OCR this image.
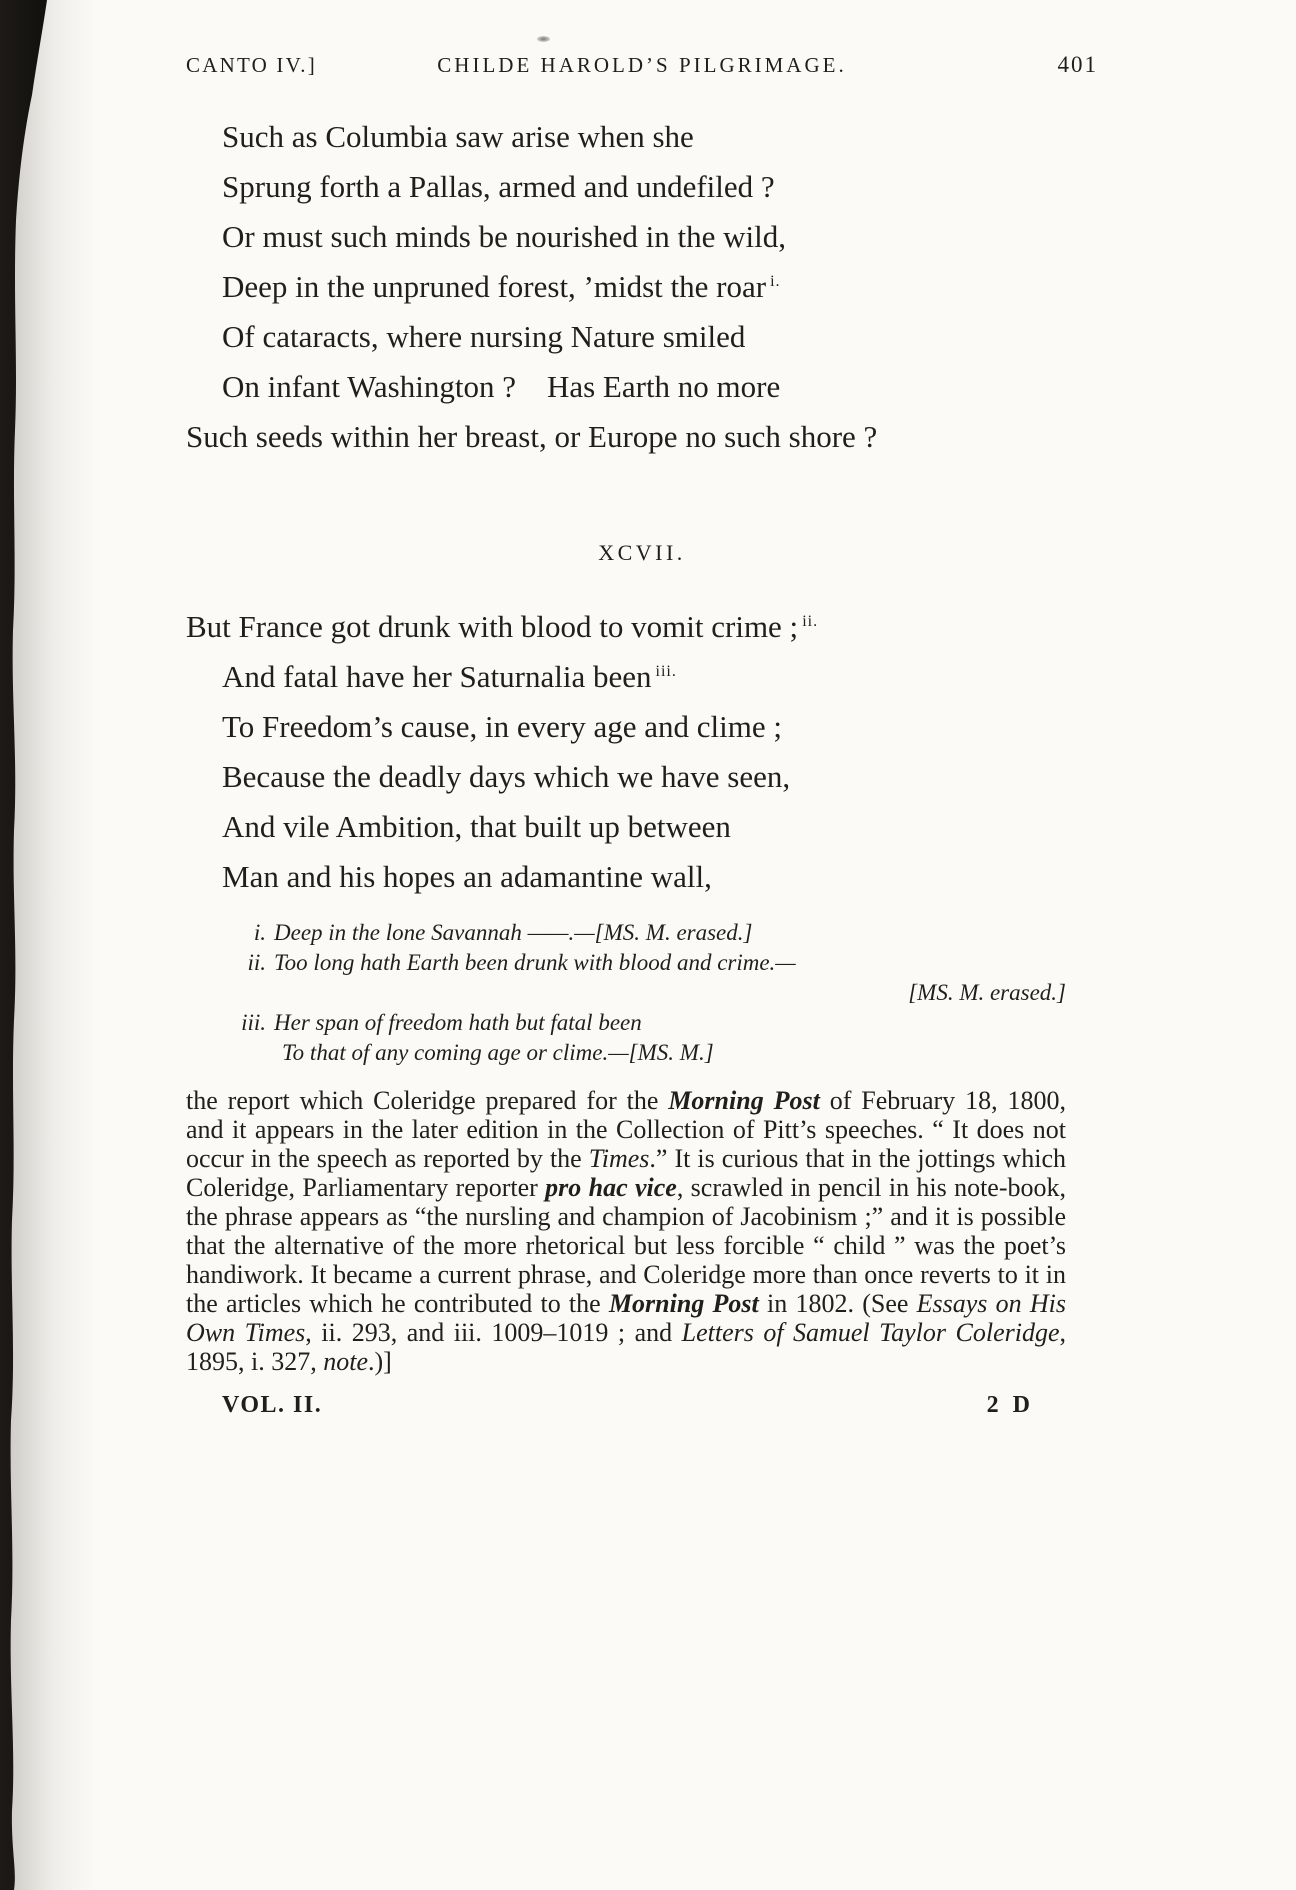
CANTO IV.]	CHILDE HAROLD’S PILGRIMAGE.	401

Such as Columbia saw arise when she

Sprung forth a Pallas, armed and undefiled ?

Or must such minds be nourished in the wild,

Deep in the unpruned forest, ’midst the roar $^{i.}$

Of cataracts, where nursing Nature smiled

On infant Washington ? Has Earth no more

Such seeds within her breast, or Europe no such shore ?

XCVII.

But France got drunk with blood to vomit crime ; $^{ii.}$

And fatal have her Saturnalia been $^{iii.}$

To Freedom’s cause, in every age and clime ;

Because the deadly days which we have seen,

And vile Ambition, that built up between

Man and his hopes an adamantine wall,

i. Deep in the lone Savannah ——.—[MS. M. erased.]

ii. Too long hath Earth been drunk with blood and crime.—

[MS. M. erased.]

iii. Her span of freedom hath but fatal been

To that of any coming age or clime.—[MS. M.]

the report which Coleridge prepared for the Morning Post of February 18, 1800, and it appears in the later edition in the Collection of Pitt’s speeches. “ It does not occur in the speech as reported by the Times.” It is curious that in the jottings which Coleridge, Parliamentary reporter pro hac vice, scrawled in pencil in his note-book, the phrase appears as “the nursling and champion of Jacobinism ;” and it is possible that the alternative of the more rhetorical but less forcible “ child ” was the poet’s handiwork. It became a current phrase, and Coleridge more than once reverts to it in the articles which he contributed to the Morning Post in 1802. (See Essays on His Own Times, ii. 293, and iii. 1009–1019 ; and Letters of Samuel Taylor Coleridge, 1895, i. 327, note.)]

VOL. II.	2 D
